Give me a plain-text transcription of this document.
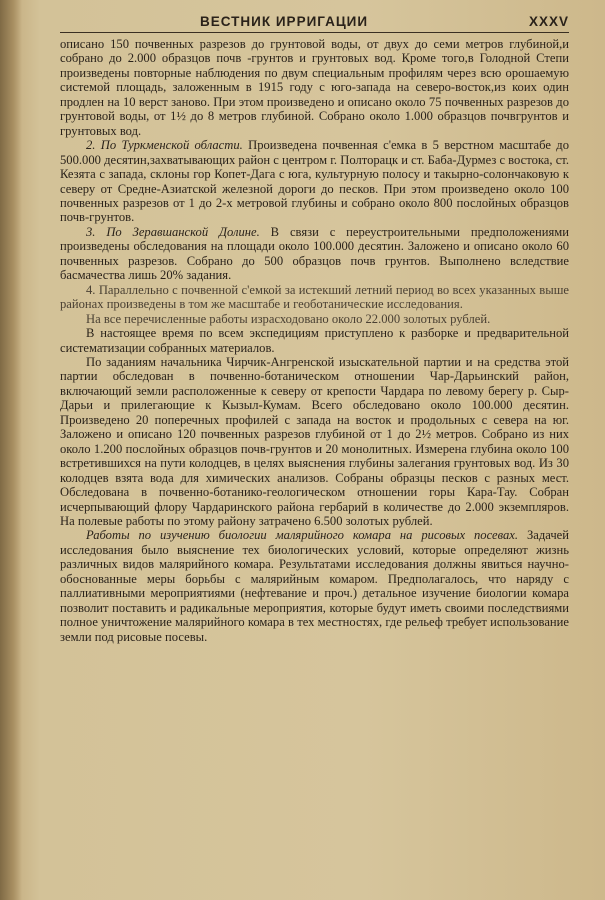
ВЕСТНИК ИРРИГАЦИИ	XXXV

описано 150 почвенных разрезов до грунтовой воды, от двух до семи метров глубиной,и собрано до 2.000 образцов почв -грунтов и грунтовых вод. Кроме того,в Голодной Степи произведены повторные наблюдения по двум специальным профилям через всю орошаемую системой площадь, заложенным в 1915 году с юго-запада на северо-восток,из коих один продлен на 10 верст заново. При этом произведено и описано около 75 почвенных разрезов до грунтовой воды, от 1½ до 8 метров глубиной. Собрано около 1.000 образцов почвгрунтов и грунтовых вод.

2. По Туркменской области. Произведена почвенная с'емка в 5 верстном масштабе до 500.000 десятин,захватывающих район с центром г. Полторацк и ст. Баба-Дурмез с востока, ст. Кезята с запада, склоны гор Копет-Дага с юга, культурную полосу и такырно-солончаковую к северу от Средне-Азиатской железной дороги до песков. При этом произведено около 100 почвенных разрезов от 1 до 2-х метровой глубины и собрано около 800 послойных образцов почв-грунтов.

3. По Зеравшанской Долине. В связи с переустроительными предположениями произведены обследования на площади около 100.000 десятин. Заложено и описано около 60 почвенных разрезов. Собрано до 500 образцов почв грунтов. Выполнено вследствие басмачества лишь 20% задания.

4. Параллельно с почвенной с'емкой за истекший летний период во всех указанных выше районах произведены в том же масштабе и геоботанические исследования.

На все перечисленные работы израсходовано около 22.000 золотых рублей.

В настоящее время по всем экспедициям приступлено к разборке и предварительной систематизации собранных материалов.

По заданиям начальника Чирчик-Ангренской изыскательной партии и на средства этой партии обследован в почвенно-ботаническом отношении Чар-Дарьинский район, включающий земли расположенные к северу от крепости Чардара по левому берегу р. Сыр-Дарьи и прилегающие к Кызыл-Кумам. Всего обследовано около 100.000 десятин. Произведено 20 поперечных профилей с запада на восток и продольных с севера на юг. Заложено и описано 120 почвенных разрезов глубиной от 1 до 2½ метров. Собрано из них около 1.200 послойных образцов почв-грунтов и 20 монолитных. Измерена глубина около 100 встретившихся на пути колодцев, в целях выяснения глубины залегания грунтовых вод. Из 30 колодцев взята вода для химических анализов. Собраны образцы песков с разных мест. Обследована в почвенно-ботанико-геологическом отношении горы Кара-Тау. Собран исчерпывающий флору Чардаринского района гербарий в количестве до 2.000 экземпляров. На полевые работы по этому району затрачено 6.500 золотых рублей.

Работы по изучению биологии малярийного комара на рисовых посевах. Задачей исследования было выяснение тех биологических условий, которые определяют жизнь различных видов малярийного комара. Результатами исследования должны явиться научно-обоснованные меры борьбы с малярийным комаром. Предполагалось, что наряду с паллиативными мероприятиями (нефтевание и проч.) детальное изучение биологии комара позволит поставить и радикальные мероприятия, которые будут иметь своими последствиями полное уничтожение малярийного комара в тех местностях, где рельеф требует использование земли под рисовые посевы.
